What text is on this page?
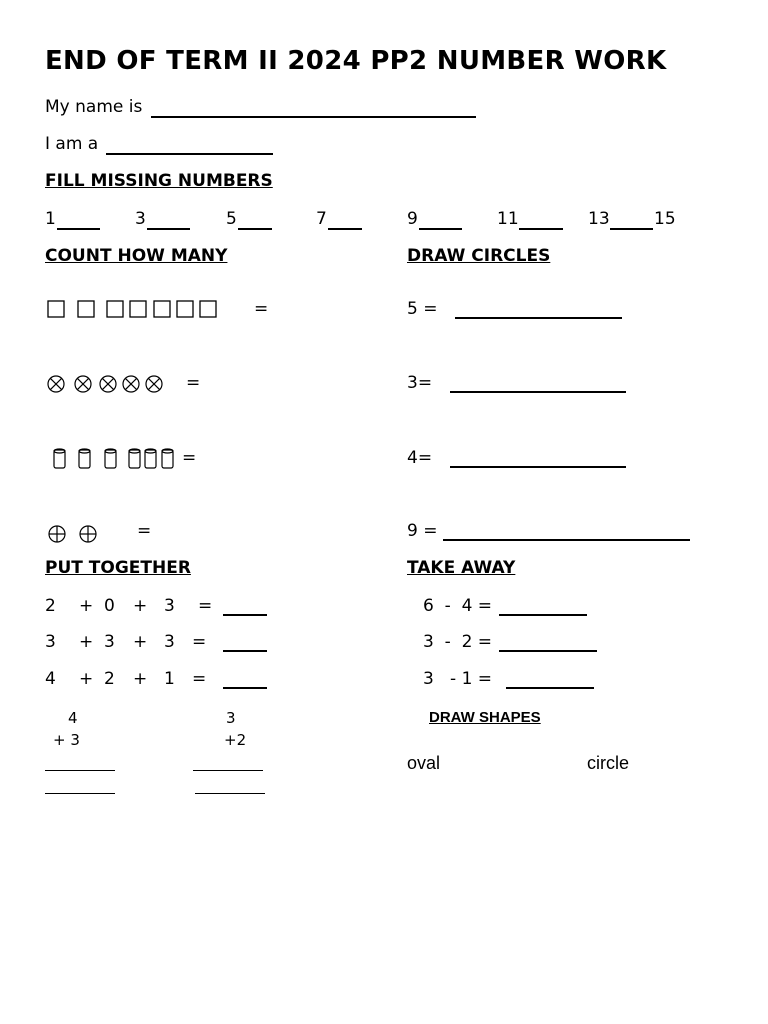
END OF TERM II 2024 PP2 NUMBER WORK
My name is
I am a
FILL MISSING NUMBERS
1	3	5	7	9	11	13	15
COUNT HOW MANY	DRAW CIRCLES
=
=
=
=
5 =
3=
4=
9 =
PUT TOGETHER	TAKE AWAY
2 + 0 + 3 =
3 + 3 + 3 =
4 + 2 + 1 =
6  -  4 =
3  -  2 =
3   - 1 =
4
+ 3
3
+2
DRAW SHAPES
oval	circle
